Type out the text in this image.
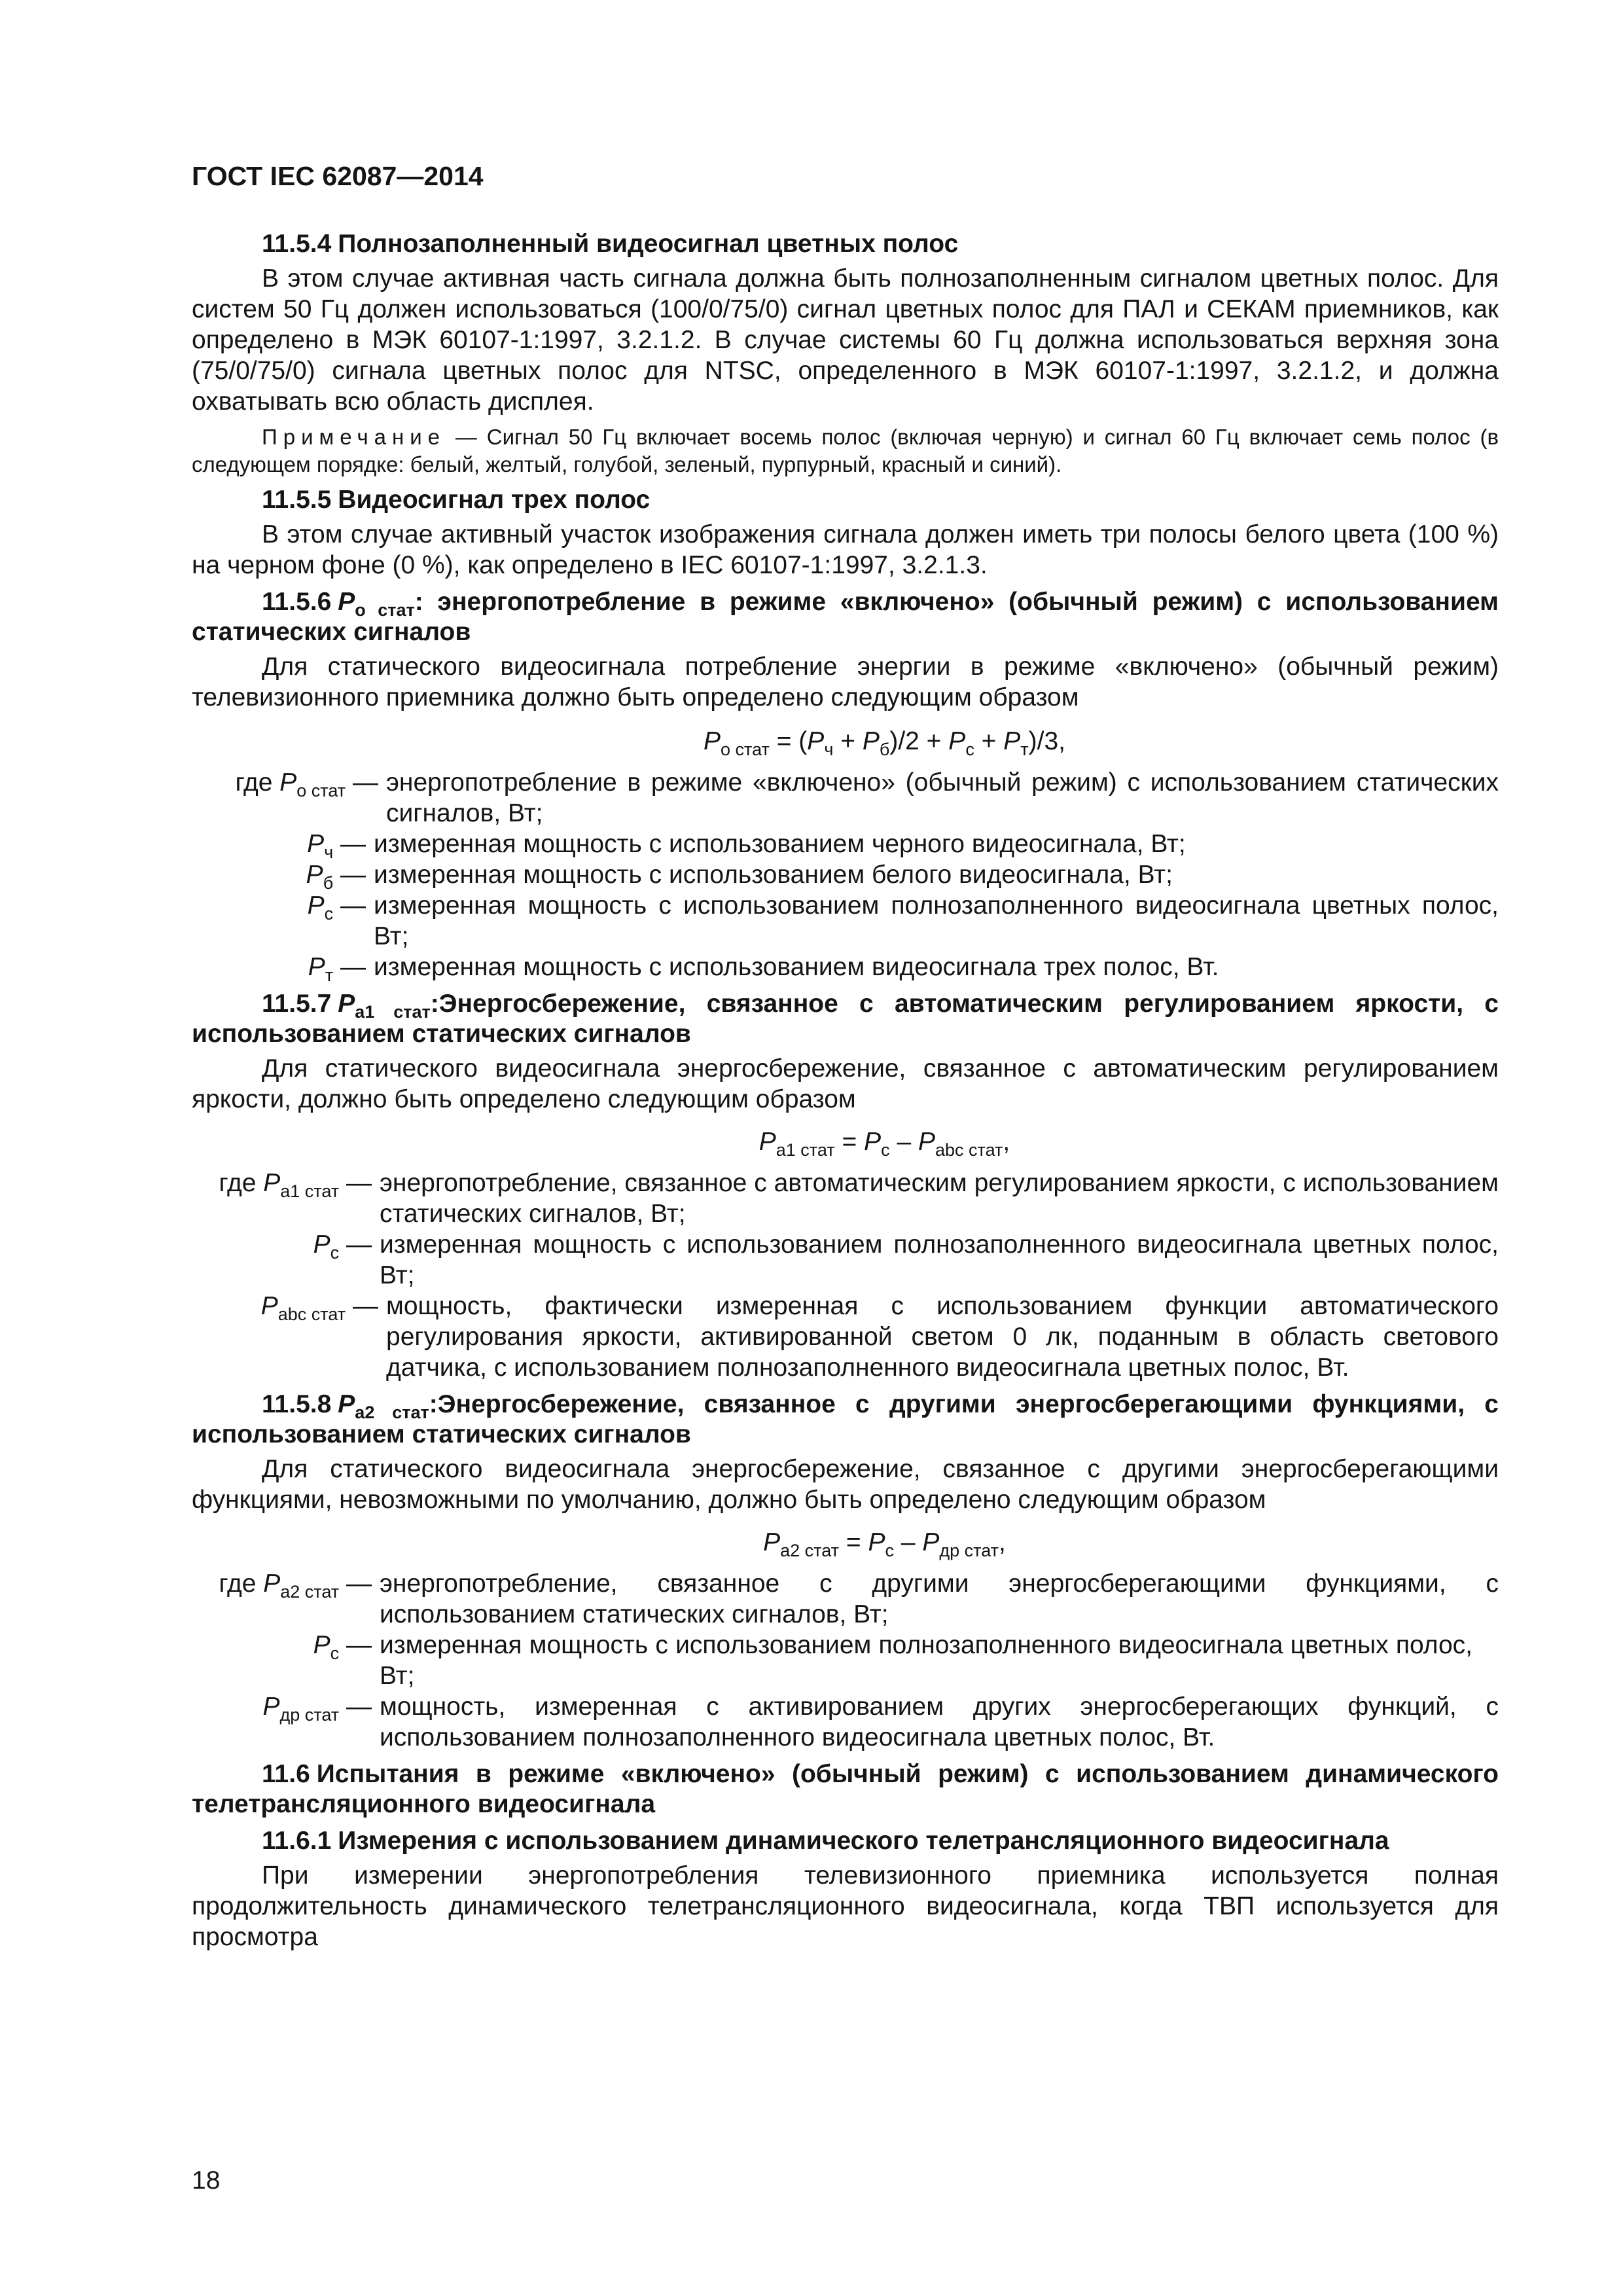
ГОСТ IEC 62087—2014
11.5.4 Полнозаполненный видеосигнал цветных полос

В этом случае активная часть сигнала должна быть полнозаполненным сигналом цветных полос. Для систем 50 Гц должен использоваться (100/0/75/0) сигнал цветных полос для ПАЛ и СЕКАМ приемников, как определено в МЭК 60107-1:1997, 3.2.1.2. В случае системы 60 Гц должна использоваться верхняя зона (75/0/75/0) сигнала цветных полос для NTSC, определенного в МЭК 60107-1:1997, 3.2.1.2, и должна охватывать всю область дисплея.

Примечание — Сигнал 50 Гц включает восемь полос (включая черную) и сигнал 60 Гц включает семь полос (в следующем порядке: белый, желтый, голубой, зеленый, пурпурный, красный и синий).

11.5.5 Видеосигнал трех полос

В этом случае активный участок изображения сигнала должен иметь три полосы белого цвета (100 %) на черном фоне (0 %), как определено в IEC 60107-1:1997, 3.2.1.3.

11.5.6 $P_{о стат}$: энергопотребление в режиме «включено» (обычный режим) с использованием статических сигналов

Для статического видеосигнала потребление энергии в режиме «включено» (обычный режим) телевизионного приемника должно быть определено следующим образом

$P_{о стат} = (P_ч + P_б)/2 + P_с + P_т)/3$,
где $P_{о стат}$ — энергопотребление в режиме «включено» (обычный режим) с использованием статических сигналов, Вт;
$P_ч$ — измеренная мощность с использованием черного видеосигнала, Вт;
$P_б$ — измеренная мощность с использованием белого видеосигнала, Вт;
$P_с$ — измеренная мощность с использованием полнозаполненного видеосигнала цветных полос, Вт;
$P_т$ — измеренная мощность с использованием видеосигнала трех полос, Вт.
11.5.7 $P_{a1 стат}:Энергосбережение$, связанное с автоматическим регулированием яркости, с использованием статических сигналов

Для статического видеосигнала энергосбережение, связанное с автоматическим регулированием яркости, должно быть определено следующим образом

$P_{a1 стат} = P_с - P_{abc стат}$,
где $P_{a1 стат}$ — энергопотребление, связанное с автоматическим регулированием яркости, с использованием статических сигналов, Вт;
$P_с$ — измеренная мощность с использованием полнозаполненного видеосигнала цветных полос, Вт;
$P_{abc стат}$ — мощность, фактически измеренная с использованием функции автоматического регулирования яркости, активированной светом 0 лк, поданным в область светового датчика, с использованием полнозаполненного видеосигнала цветных полос, Вт.
11.5.8 $P_{a2 стат}:Энергосбережение$, связанное с другими энергосберегающими функциями, с использованием статических сигналов

Для статического видеосигнала энергосбережение, связанное с другими энергосберегающими функциями, невозможными по умолчанию, должно быть определено следующим образом

$P_{a2 стат} = P_с - P_{др стат}$,
где $P_{a2 стат}$ — энергопотребление, связанное с другими энергосберегающими функциями, с использованием статических сигналов, Вт;
$P_с$ — измеренная мощность с использованием полнозаполненного видеосигнала цветных полос, Вт;
$P_{др стат}$ — мощность, измеренная с активированием других энергосберегающих функций, с использованием полнозаполненного видеосигнала цветных полос, Вт.
11.6 Испытания в режиме «включено» (обычный режим) с использованием динамического телетрансляционного видеосигнала
11.6.1 Измерения с использованием динамического телетрансляционного видеосигнала

При измерении энергопотребления телевизионного приемника используется полная продолжительность динамического телетрансляционного видеосигнала, когда ТВП используется для просмотра

18
